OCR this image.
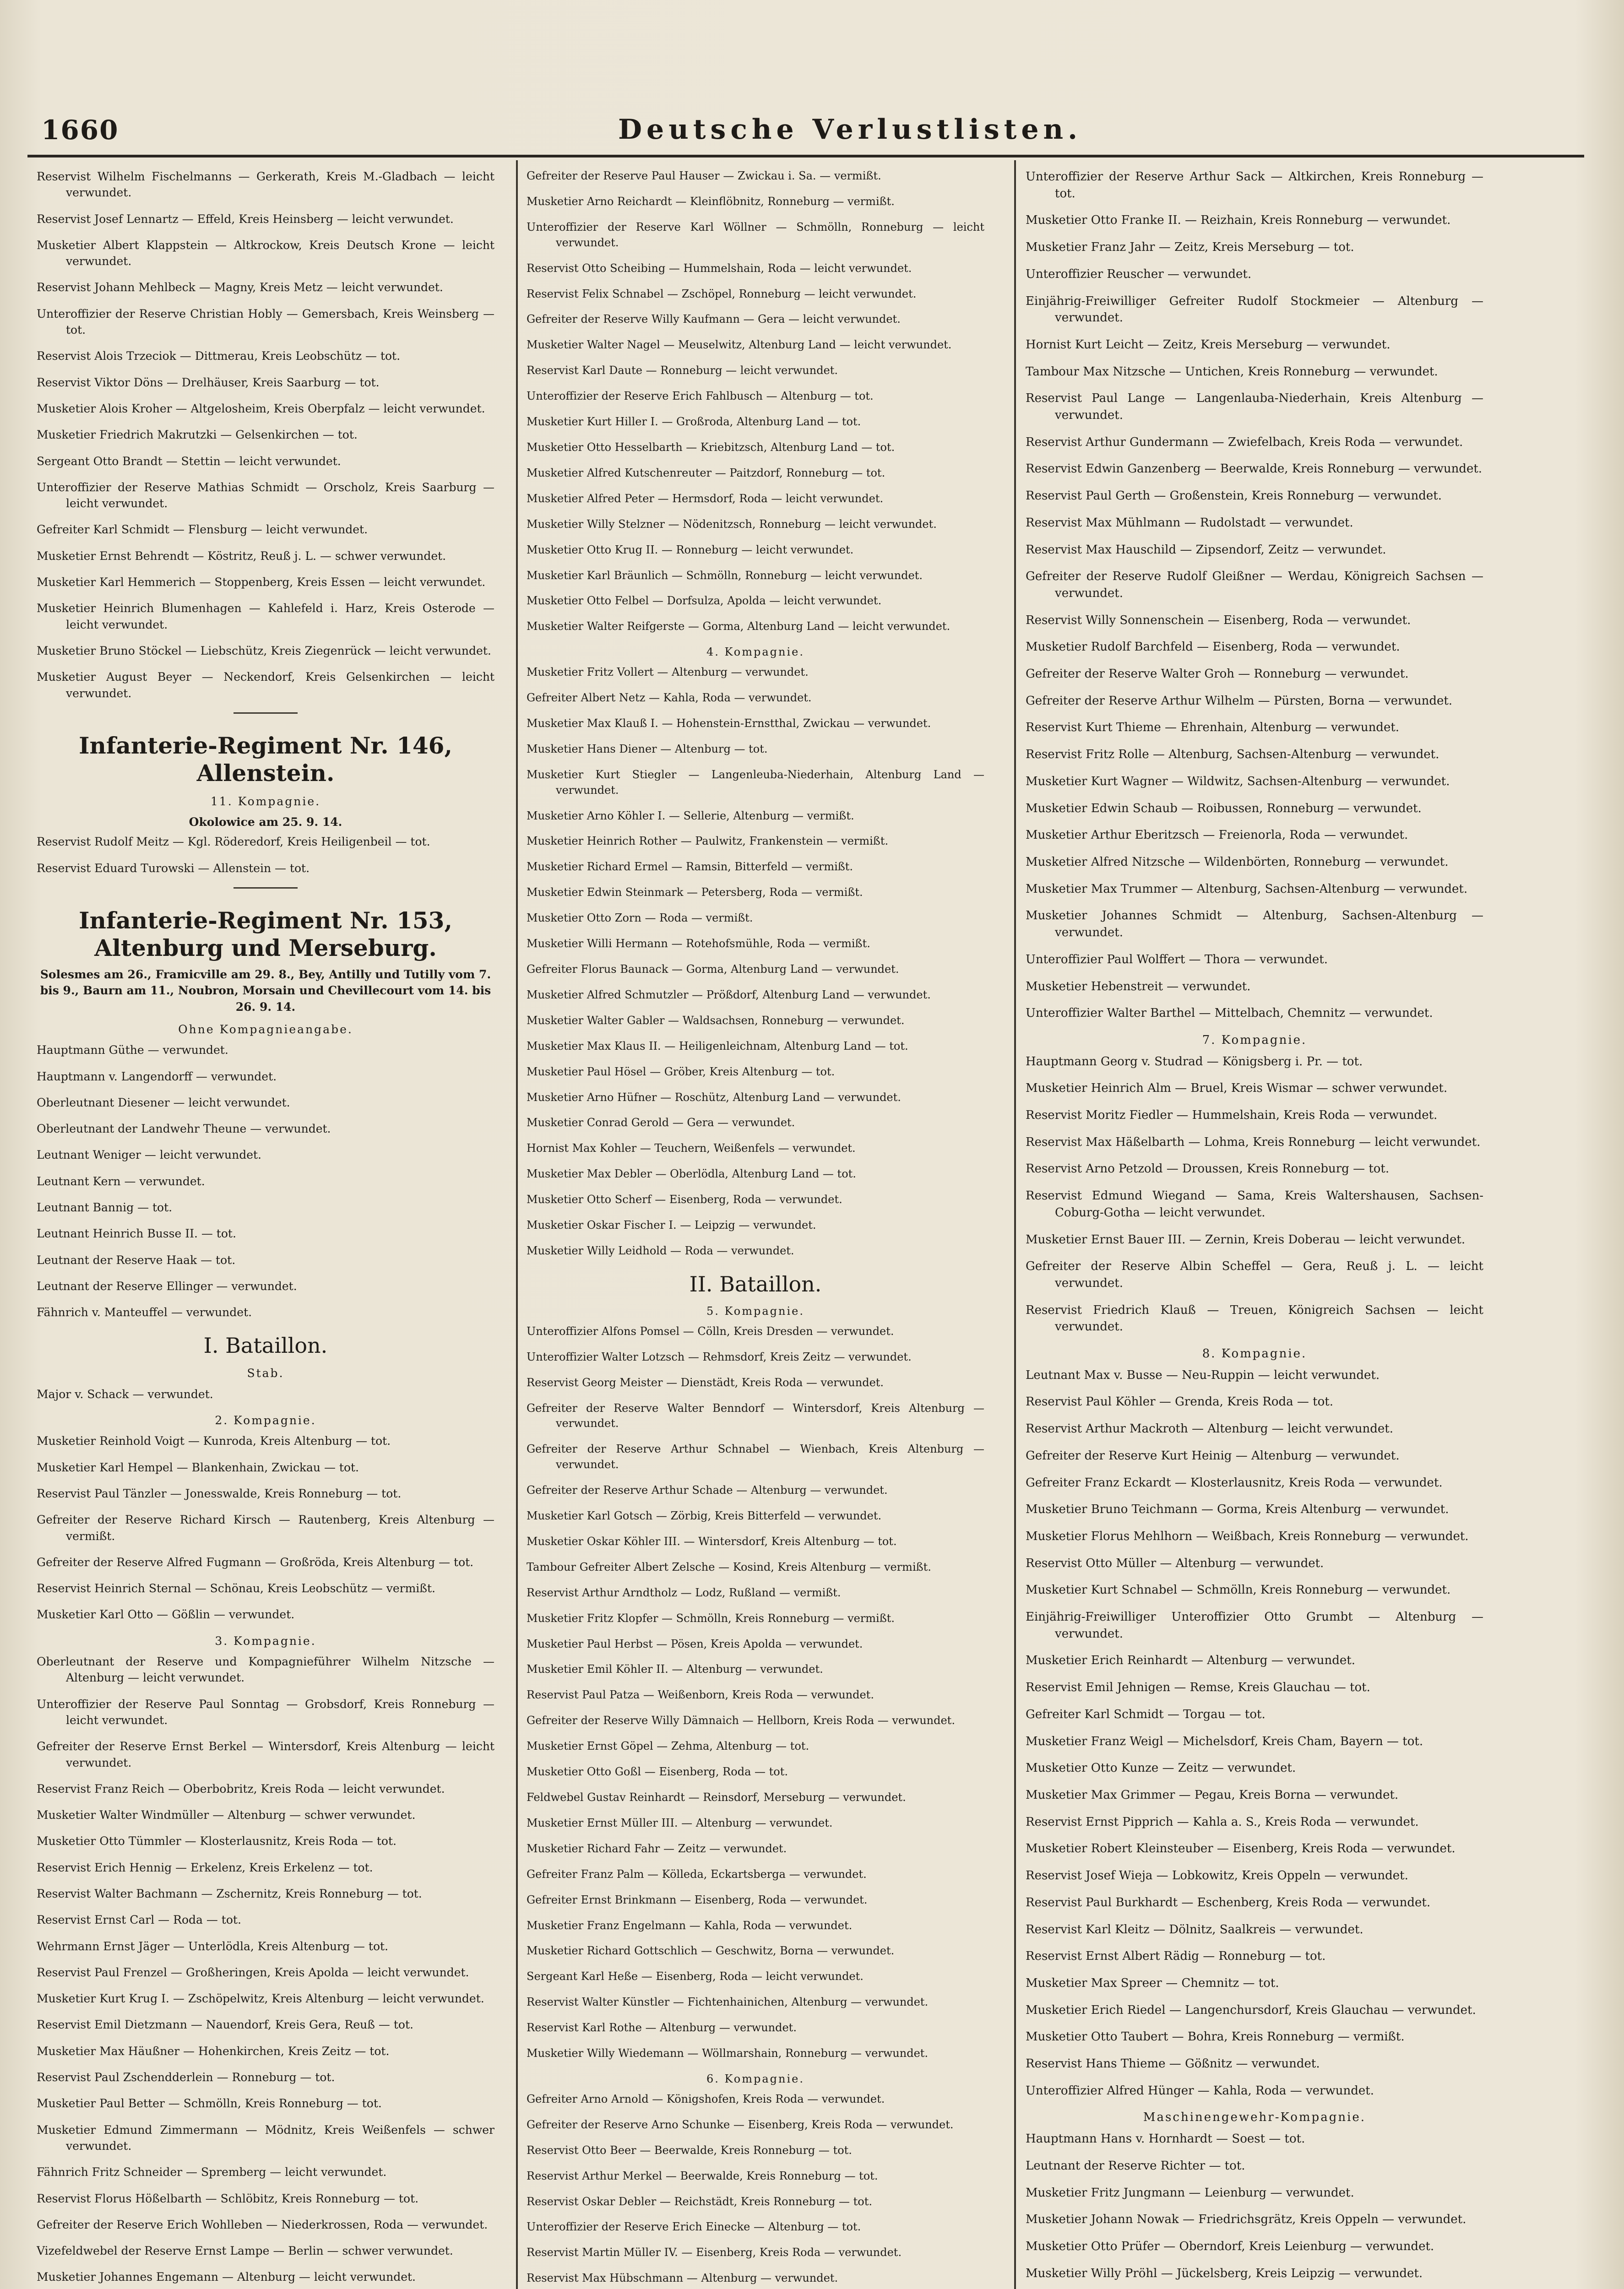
1660	Deutsche Verlustlisten.

Reservist Wilhelm Fischelmanns — Gerkerath, Kreis M.-Gladbach — leicht verwundet.

Reservist Josef Lennartz — Effeld, Kreis Heinsberg — leicht verwundet.

Musketier Albert Klappstein — Altkrockow, Kreis Deutsch Krone — leicht verwundet.

Reservist Johann Mehlbeck — Magny, Kreis Metz — leicht verwundet.

Unteroffizier der Reserve Christian Hobly — Gemersbach, Kreis Weinsberg — tot.

Reservist Alois Trzeciok — Dittmerau, Kreis Leobschütz — tot.

Reservist Viktor Döns — Drelhäuser, Kreis Saarburg — tot.

Musketier Alois Kroher — Altgelosheim, Kreis Oberpfalz — leicht verwundet.

Musketier Friedrich Makrutzki — Gelsenkirchen — tot.

Sergeant Otto Brandt — Stettin — leicht verwundet.

Unteroffizier der Reserve Mathias Schmidt — Orscholz, Kreis Saarburg — leicht verwundet.

Gefreiter Karl Schmidt — Flensburg — leicht verwundet.

Musketier Ernst Behrendt — Köstritz, Reuß j. L. — schwer verwundet.

Musketier Karl Hemmerich — Stoppenberg, Kreis Essen — leicht verwundet.

Musketier Heinrich Blumenhagen — Kahlefeld i. Harz, Kreis Osterode — leicht verwundet.

Musketier Bruno Stöckel — Liebschütz, Kreis Ziegenrück — leicht verwundet.

Musketier August Beyer — Neckendorf, Kreis Gelsenkirchen — leicht verwundet.

Infanterie-Regiment Nr. 146, Allenstein.
11. Kompagnie.
Okolowice am 25. 9. 14.

Reservist Rudolf Meitz — Kgl. Röderedorf, Kreis Heiligenbeil — tot.

Reservist Eduard Turowski — Allenstein — tot.

Infanterie-Regiment Nr. 153, Altenburg und Merseburg.
Solesmes am 26., Framicville am 29. 8., Bey, Antilly und Tutilly vom 7. bis 9., Baurn am 11., Noubron, Morsain und Chevillecourt vom 14. bis 26. 9. 14.
Ohne Kompagnieangabe.

Hauptmann Güthe — verwundet.

Hauptmann v. Langendorff — verwundet.

Oberleutnant Diesener — leicht verwundet.

Oberleutnant der Landwehr Theune — verwundet.

Leutnant Weniger — leicht verwundet.

Leutnant Kern — verwundet.

Leutnant Bannig — tot.

Leutnant Heinrich Busse II. — tot.

Leutnant der Reserve Haak — tot.

Leutnant der Reserve Ellinger — verwundet.

Fähnrich v. Manteuffel — verwundet.

I. Bataillon.
Stab.

Major v. Schack — verwundet.

2. Kompagnie.

Musketier Reinhold Voigt — Kunroda, Kreis Altenburg — tot.

Musketier Karl Hempel — Blankenhain, Zwickau — tot.

Reservist Paul Tänzler — Jonesswalde, Kreis Ronneburg — tot.

Gefreiter der Reserve Richard Kirsch — Rautenberg, Kreis Altenburg — vermißt.

Gefreiter der Reserve Alfred Fugmann — Großröda, Kreis Altenburg — tot.

Reservist Heinrich Sternal — Schönau, Kreis Leobschütz — vermißt.

Musketier Karl Otto — Gößlin — verwundet.

3. Kompagnie.

Oberleutnant der Reserve und Kompagnieführer Wilhelm Nitzsche — Altenburg — leicht verwundet.

Unteroffizier der Reserve Paul Sonntag — Grobsdorf, Kreis Ronneburg — leicht verwundet.

Gefreiter der Reserve Ernst Berkel — Wintersdorf, Kreis Altenburg — leicht verwundet.

Reservist Franz Reich — Oberbobritz, Kreis Roda — leicht verwundet.

Musketier Walter Windmüller — Altenburg — schwer verwundet.

Musketier Otto Tümmler — Klosterlausnitz, Kreis Roda — tot.

Reservist Erich Hennig — Erkelenz, Kreis Erkelenz — tot.

Reservist Walter Bachmann — Zschernitz, Kreis Ronneburg — tot.

Reservist Ernst Carl — Roda — tot.

Wehrmann Ernst Jäger — Unterlödla, Kreis Altenburg — tot.

Reservist Paul Frenzel — Großheringen, Kreis Apolda — leicht verwundet.

Musketier Kurt Krug I. — Zschöpelwitz, Kreis Altenburg — leicht verwundet.

Reservist Emil Dietzmann — Nauendorf, Kreis Gera, Reuß — tot.

Musketier Max Häußner — Hohenkirchen, Kreis Zeitz — tot.

Reservist Paul Zschendderlein — Ronneburg — tot.

Musketier Paul Better — Schmölln, Kreis Ronneburg — tot.

Musketier Edmund Zimmermann — Mödnitz, Kreis Weißenfels — schwer verwundet.

Fähnrich Fritz Schneider — Spremberg — leicht verwundet.

Reservist Florus Hößelbarth — Schlöbitz, Kreis Ronneburg — tot.

Gefreiter der Reserve Erich Wohlleben — Niederkrossen, Roda — verwundet.

Vizefeldwebel der Reserve Ernst Lampe — Berlin — schwer verwundet.

Musketier Johannes Engemann — Altenburg — leicht verwundet.

Gefreiter der Reserve Paul Hauser — Zwickau i. Sa. — vermißt.

Musketier Arno Reichardt — Kleinflöbnitz, Ronneburg — vermißt.

Unteroffizier der Reserve Karl Wöllner — Schmölln, Ronneburg — leicht verwundet.

Reservist Otto Scheibing — Hummelshain, Roda — leicht verwundet.

Reservist Felix Schnabel — Zschöpel, Ronneburg — leicht verwundet.

Gefreiter der Reserve Willy Kaufmann — Gera — leicht verwundet.

Musketier Walter Nagel — Meuselwitz, Altenburg Land — leicht verwundet.

Reservist Karl Daute — Ronneburg — leicht verwundet.

Unteroffizier der Reserve Erich Fahlbusch — Altenburg — tot.

Musketier Kurt Hiller I. — Großroda, Altenburg Land — tot.

Musketier Otto Hesselbarth — Kriebitzsch, Altenburg Land — tot.

Musketier Alfred Kutschenreuter — Paitzdorf, Ronneburg — tot.

Musketier Alfred Peter — Hermsdorf, Roda — leicht verwundet.

Musketier Willy Stelzner — Nödenitzsch, Ronneburg — leicht verwundet.

Musketier Otto Krug II. — Ronneburg — leicht verwundet.

Musketier Karl Bräunlich — Schmölln, Ronneburg — leicht verwundet.

Musketier Otto Felbel — Dorfsulza, Apolda — leicht verwundet.

Musketier Walter Reifgerste — Gorma, Altenburg Land — leicht verwundet.

4. Kompagnie.

Musketier Fritz Vollert — Altenburg — verwundet.

Gefreiter Albert Netz — Kahla, Roda — verwundet.

Musketier Max Klauß I. — Hohenstein-Ernstthal, Zwickau — verwundet.

Musketier Hans Diener — Altenburg — tot.

Musketier Kurt Stiegler — Langenleuba-Niederhain, Altenburg Land — verwundet.

Musketier Arno Köhler I. — Sellerie, Altenburg — vermißt.

Musketier Heinrich Rother — Paulwitz, Frankenstein — vermißt.

Musketier Richard Ermel — Ramsin, Bitterfeld — vermißt.

Musketier Edwin Steinmark — Petersberg, Roda — vermißt.

Musketier Otto Zorn — Roda — vermißt.

Musketier Willi Hermann — Rotehofsmühle, Roda — vermißt.

Gefreiter Florus Baunack — Gorma, Altenburg Land — verwundet.

Musketier Alfred Schmutzler — Prößdorf, Altenburg Land — verwundet.

Musketier Walter Gabler — Waldsachsen, Ronneburg — verwundet.

Musketier Max Klaus II. — Heiligenleichnam, Altenburg Land — tot.

Musketier Paul Hösel — Gröber, Kreis Altenburg — tot.

Musketier Arno Hüfner — Roschütz, Altenburg Land — verwundet.

Musketier Conrad Gerold — Gera — verwundet.

Hornist Max Kohler — Teuchern, Weißenfels — verwundet.

Musketier Max Debler — Oberlödla, Altenburg Land — tot.

Musketier Otto Scherf — Eisenberg, Roda — verwundet.

Musketier Oskar Fischer I. — Leipzig — verwundet.

Musketier Willy Leidhold — Roda — verwundet.

II. Bataillon.
5. Kompagnie.

Unteroffizier Alfons Pomsel — Cölln, Kreis Dresden — verwundet.

Unteroffizier Walter Lotzsch — Rehmsdorf, Kreis Zeitz — verwundet.

Reservist Georg Meister — Dienstädt, Kreis Roda — verwundet.

Gefreiter der Reserve Walter Benndorf — Wintersdorf, Kreis Altenburg — verwundet.

Gefreiter der Reserve Arthur Schnabel — Wienbach, Kreis Altenburg — verwundet.

Gefreiter der Reserve Arthur Schade — Altenburg — verwundet.

Musketier Karl Gotsch — Zörbig, Kreis Bitterfeld — verwundet.

Musketier Oskar Köhler III. — Wintersdorf, Kreis Altenburg — tot.

Tambour Gefreiter Albert Zelsche — Kosind, Kreis Altenburg — vermißt.

Reservist Arthur Arndtholz — Lodz, Rußland — vermißt.

Musketier Fritz Klopfer — Schmölln, Kreis Ronneburg — vermißt.

Musketier Paul Herbst — Pösen, Kreis Apolda — verwundet.

Musketier Emil Köhler II. — Altenburg — verwundet.

Reservist Paul Patza — Weißenborn, Kreis Roda — verwundet.

Gefreiter der Reserve Willy Dämnaich — Hellborn, Kreis Roda — verwundet.

Musketier Ernst Göpel — Zehma, Altenburg — tot.

Musketier Otto Goßl — Eisenberg, Roda — tot.

Feldwebel Gustav Reinhardt — Reinsdorf, Merseburg — verwundet.

Musketier Ernst Müller III. — Altenburg — verwundet.

Musketier Richard Fahr — Zeitz — verwundet.

Gefreiter Franz Palm — Kölleda, Eckartsberga — verwundet.

Gefreiter Ernst Brinkmann — Eisenberg, Roda — verwundet.

Musketier Franz Engelmann — Kahla, Roda — verwundet.

Musketier Richard Gottschlich — Geschwitz, Borna — verwundet.

Sergeant Karl Heße — Eisenberg, Roda — leicht verwundet.

Reservist Walter Künstler — Fichtenhainichen, Altenburg — verwundet.

Reservist Karl Rothe — Altenburg — verwundet.

Musketier Willy Wiedemann — Wöllmarshain, Ronneburg — verwundet.

6. Kompagnie.

Gefreiter Arno Arnold — Königshofen, Kreis Roda — verwundet.

Gefreiter der Reserve Arno Schunke — Eisenberg, Kreis Roda — verwundet.

Reservist Otto Beer — Beerwalde, Kreis Ronneburg — tot.

Reservist Arthur Merkel — Beerwalde, Kreis Ronneburg — tot.

Reservist Oskar Debler — Reichstädt, Kreis Ronneburg — tot.

Unteroffizier der Reserve Erich Einecke — Altenburg — tot.

Reservist Martin Müller IV. — Eisenberg, Kreis Roda — verwundet.

Reservist Max Hübschmann — Altenburg — verwundet.

Unteroffizier der Reserve Arthur Sack — Altkirchen, Kreis Ronneburg — tot.

Musketier Otto Franke II. — Reizhain, Kreis Ronneburg — verwundet.

Musketier Franz Jahr — Zeitz, Kreis Merseburg — tot.

Unteroffizier Reuscher — verwundet.

Einjährig-Freiwilliger Gefreiter Rudolf Stockmeier — Altenburg — verwundet.

Hornist Kurt Leicht — Zeitz, Kreis Merseburg — verwundet.

Tambour Max Nitzsche — Untichen, Kreis Ronneburg — verwundet.

Reservist Paul Lange — Langenlauba-Niederhain, Kreis Altenburg — verwundet.

Reservist Arthur Gundermann — Zwiefelbach, Kreis Roda — verwundet.

Reservist Edwin Ganzenberg — Beerwalde, Kreis Ronneburg — verwundet.

Reservist Paul Gerth — Großenstein, Kreis Ronneburg — verwundet.

Reservist Max Mühlmann — Rudolstadt — verwundet.

Reservist Max Hauschild — Zipsendorf, Zeitz — verwundet.

Gefreiter der Reserve Rudolf Gleißner — Werdau, Königreich Sachsen — verwundet.

Reservist Willy Sonnenschein — Eisenberg, Roda — verwundet.

Musketier Rudolf Barchfeld — Eisenberg, Roda — verwundet.

Gefreiter der Reserve Walter Groh — Ronneburg — verwundet.

Gefreiter der Reserve Arthur Wilhelm — Pürsten, Borna — verwundet.

Reservist Kurt Thieme — Ehrenhain, Altenburg — verwundet.

Reservist Fritz Rolle — Altenburg, Sachsen-Altenburg — verwundet.

Musketier Kurt Wagner — Wildwitz, Sachsen-Altenburg — verwundet.

Musketier Edwin Schaub — Roibussen, Ronneburg — verwundet.

Musketier Arthur Eberitzsch — Freienorla, Roda — verwundet.

Musketier Alfred Nitzsche — Wildenbörten, Ronneburg — verwundet.

Musketier Max Trummer — Altenburg, Sachsen-Altenburg — verwundet.

Musketier Johannes Schmidt — Altenburg, Sachsen-Altenburg — verwundet.

Unteroffizier Paul Wolffert — Thora — verwundet.

Musketier Hebenstreit — verwundet.

Unteroffizier Walter Barthel — Mittelbach, Chemnitz — verwundet.

7. Kompagnie.

Hauptmann Georg v. Studrad — Königsberg i. Pr. — tot.

Musketier Heinrich Alm — Bruel, Kreis Wismar — schwer verwundet.

Reservist Moritz Fiedler — Hummelshain, Kreis Roda — verwundet.

Reservist Max Häßelbarth — Lohma, Kreis Ronneburg — leicht verwundet.

Reservist Arno Petzold — Droussen, Kreis Ronneburg — tot.

Reservist Edmund Wiegand — Sama, Kreis Waltershausen, Sachsen-Coburg-Gotha — leicht verwundet.

Musketier Ernst Bauer III. — Zernin, Kreis Doberau — leicht verwundet.

Gefreiter der Reserve Albin Scheffel — Gera, Reuß j. L. — leicht verwundet.

Reservist Friedrich Klauß — Treuen, Königreich Sachsen — leicht verwundet.

8. Kompagnie.

Leutnant Max v. Busse — Neu-Ruppin — leicht verwundet.

Reservist Paul Köhler — Grenda, Kreis Roda — tot.

Reservist Arthur Mackroth — Altenburg — leicht verwundet.

Gefreiter der Reserve Kurt Heinig — Altenburg — verwundet.

Gefreiter Franz Eckardt — Klosterlausnitz, Kreis Roda — verwundet.

Musketier Bruno Teichmann — Gorma, Kreis Altenburg — verwundet.

Musketier Florus Mehlhorn — Weißbach, Kreis Ronneburg — verwundet.

Reservist Otto Müller — Altenburg — verwundet.

Musketier Kurt Schnabel — Schmölln, Kreis Ronneburg — verwundet.

Einjährig-Freiwilliger Unteroffizier Otto Grumbt — Altenburg — verwundet.

Musketier Erich Reinhardt — Altenburg — verwundet.

Reservist Emil Jehnigen — Remse, Kreis Glauchau — tot.

Gefreiter Karl Schmidt — Torgau — tot.

Musketier Franz Weigl — Michelsdorf, Kreis Cham, Bayern — tot.

Musketier Otto Kunze — Zeitz — verwundet.

Musketier Max Grimmer — Pegau, Kreis Borna — verwundet.

Reservist Ernst Pipprich — Kahla a. S., Kreis Roda — verwundet.

Musketier Robert Kleinsteuber — Eisenberg, Kreis Roda — verwundet.

Reservist Josef Wieja — Lobkowitz, Kreis Oppeln — verwundet.

Reservist Paul Burkhardt — Eschenberg, Kreis Roda — verwundet.

Reservist Karl Kleitz — Dölnitz, Saalkreis — verwundet.

Reservist Ernst Albert Rädig — Ronneburg — tot.

Musketier Max Spreer — Chemnitz — tot.

Musketier Erich Riedel — Langenchursdorf, Kreis Glauchau — verwundet.

Musketier Otto Taubert — Bohra, Kreis Ronneburg — vermißt.

Reservist Hans Thieme — Gößnitz — verwundet.

Unteroffizier Alfred Hünger — Kahla, Roda — verwundet.

Maschinengewehr-Kompagnie.

Hauptmann Hans v. Hornhardt — Soest — tot.

Leutnant der Reserve Richter — tot.

Musketier Fritz Jungmann — Leienburg — verwundet.

Musketier Johann Nowak — Friedrichsgrätz, Kreis Oppeln — verwundet.

Musketier Otto Prüfer — Oberndorf, Kreis Leienburg — verwundet.

Musketier Willy Pröhl — Jückelsberg, Kreis Leipzig — verwundet.
